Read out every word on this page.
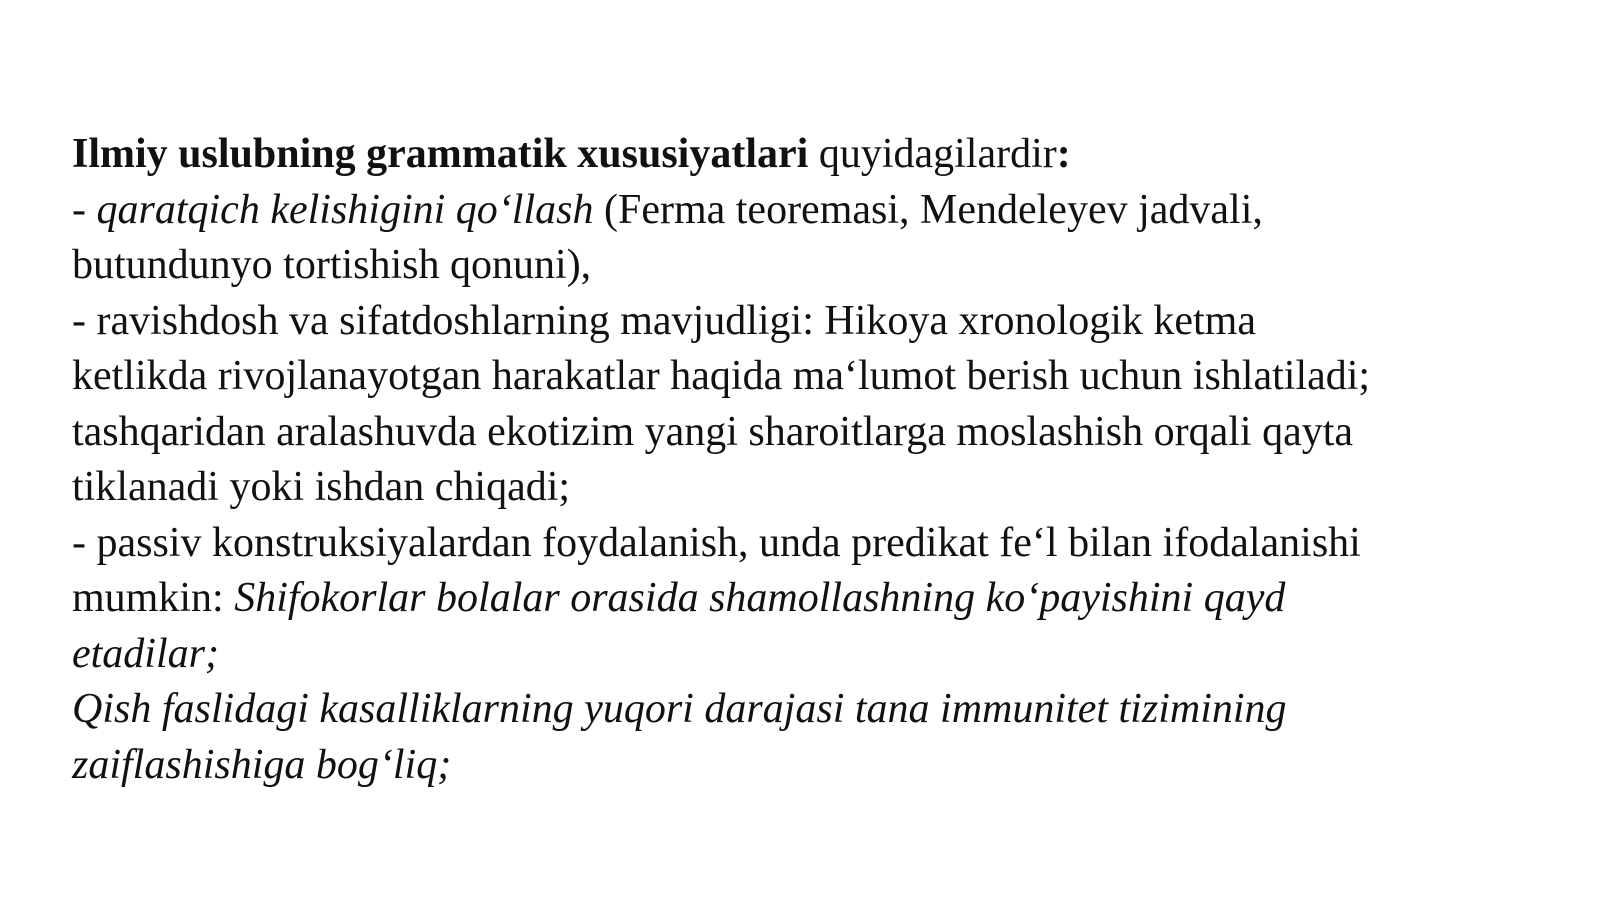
Ilmiy uslubning grammatik xususiyatlari quyidagilardir:
- qaratqich kelishigini qo‘llash (Ferma teoremasi, Mendeleyev jadvali,
butundunyo tortishish qonuni),
- ravishdosh va sifatdoshlarning mavjudligi: Hikoya xronologik ketma
ketlikda rivojlanayotgan harakatlar haqida ma‘lumot berish uchun ishlatiladi;
tashqaridan aralashuvda ekotizim yangi sharoitlarga moslashish orqali qayta
tiklanadi yoki ishdan chiqadi;
- passiv konstruksiyalardan foydalanish, unda predikat fe‘l bilan ifodalanishi
mumkin: Shifokorlar bolalar orasida shamollashning ko‘payishini qayd
etadilar;
Qish faslidagi kasalliklarning yuqori darajasi tana immunitet tizimining
zaiflashishiga bog‘liq;
